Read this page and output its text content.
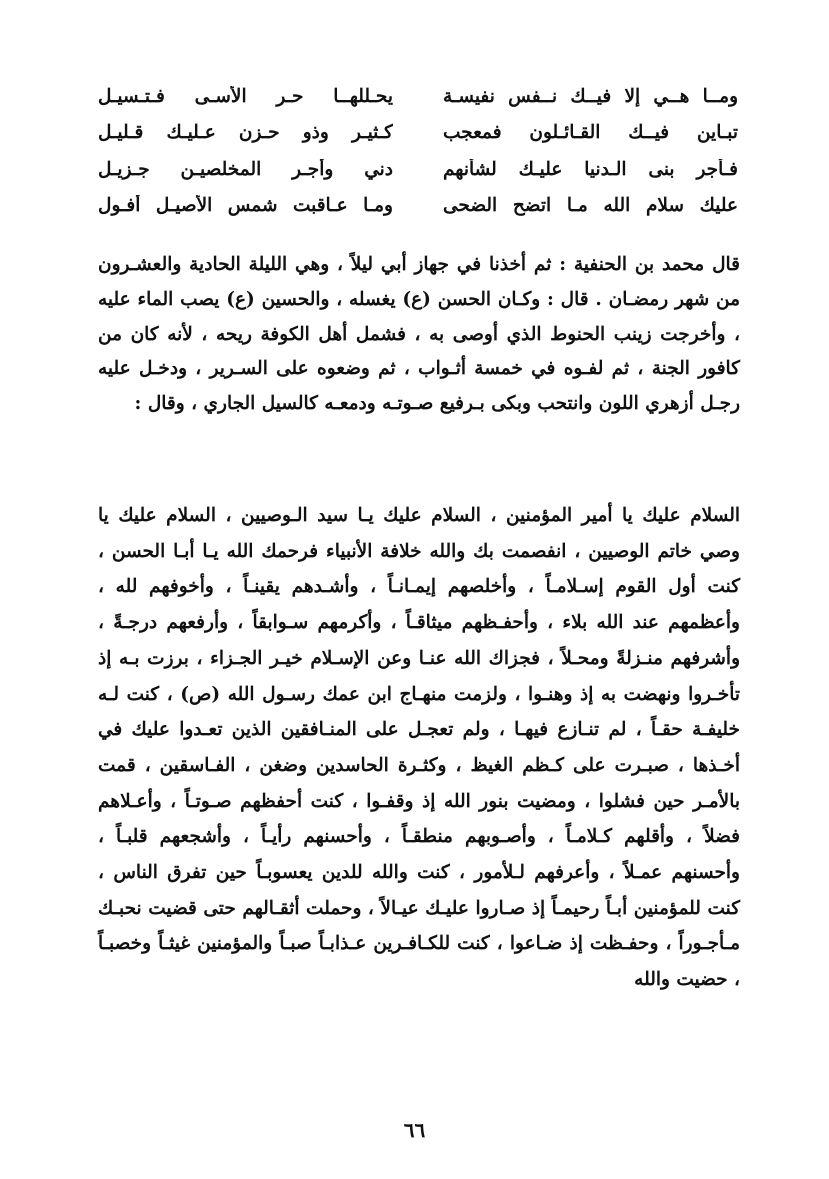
ومــا هــي إلا فيــك نــفس نفيسـة
يحـللهــا حـر الأسـى فـتـسيـل
تبـاين فيــك القـائـلون فمعجب
كـثيـر وذو حـزن عـليـك قـليـل
فـأجر بنى الـدنيا عليـك لشأنهم
دني وأجـر المخلصيـن جـزيـل
عليك سلام الله مـا اتضح الضحى
ومـا عـاقبت شمس الأصيـل أفـول

قال محمد بن الحنفية : ثم أخذنا في جهاز أبي ليلاً ، وهي الليلة الحادية والعشـرون من شهر رمضـان . قال : وكـان الحسن (ع) يغسله ، والحسين (ع) يصب الماء عليه ، وأخرجت زينب الحنوط الذي أوصى به ، فشمل أهل الكوفة ريحه ، لأنه كان من كافور الجنة ، ثم لفـوه في خمسة أثـواب ، ثم وضعوه على السـرير ، ودخـل عليه رجـل أزهري اللون وانتحب وبكى بـرفيع صـوتـه ودمعـه كالسيل الجاري ، وقال :

السلام عليك يا أمير المؤمنين ، السلام عليك يـا سيد الـوصيين ، السلام عليك يا وصي خاتم الوصيين ، انفصمت بك والله خلافة الأنبياء فرحمك الله يـا أبـا الحسن ، كنت أول القوم إسـلامـاً ، وأخلصهم إيمـانـاً ، وأشـدهم يقينـاً ، وأخوفهم لله ، وأعظمهم عند الله بلاء ، وأحفـظهم ميثاقـاً ، وأكرمهم سـوابقاً ، وأرفعهم درجـةً ، وأشرفهم منـزلةً ومحـلاً ، فجزاك الله عنـا وعن الإسـلام خيـر الجـزاء ، برزت بـه إذ تأخـروا ونهضت به إذ وهنـوا ، ولزمت منهـاج ابن عمك رسـول الله (ص) ، كنت لـه خليفـة حقـاً ، لم تنـازع فيهـا ، ولم تعجـل على المنـافقين الذين تعـدوا عليك في أخـذها ، صبـرت على كـظم الغيظ ، وكثـرة الحاسدين وضغن ، الفـاسقين ، قمت بالأمـر حين فشلوا ، ومضيت بنور الله إذ وقفـوا ، كنت أحفظهم صـوتـاً ، وأعـلاهم فضلاً ، وأقلهم كـلامـاً ، وأصـوبهم منطقـاً ، وأحسنهم رأيـاً ، وأشجعهم قلبـاً ، وأحسنهم عمـلاً ، وأعرفهم لـلأمور ، كنت والله للدين يعسوبـاً حين تفرق الناس ، كنت للمؤمنين أبـاً رحيمـاً إذ صـاروا عليـك عيـالاً ، وحملت أثقـالهم حتى قضيت نحبـك مـأجـوراً ، وحفـظت إذ ضـاعوا ، كنت للكـافـرين عـذابـاً صبـاً والمؤمنين غيثـاً وخصبـاً ، حضيت والله

٦٦
